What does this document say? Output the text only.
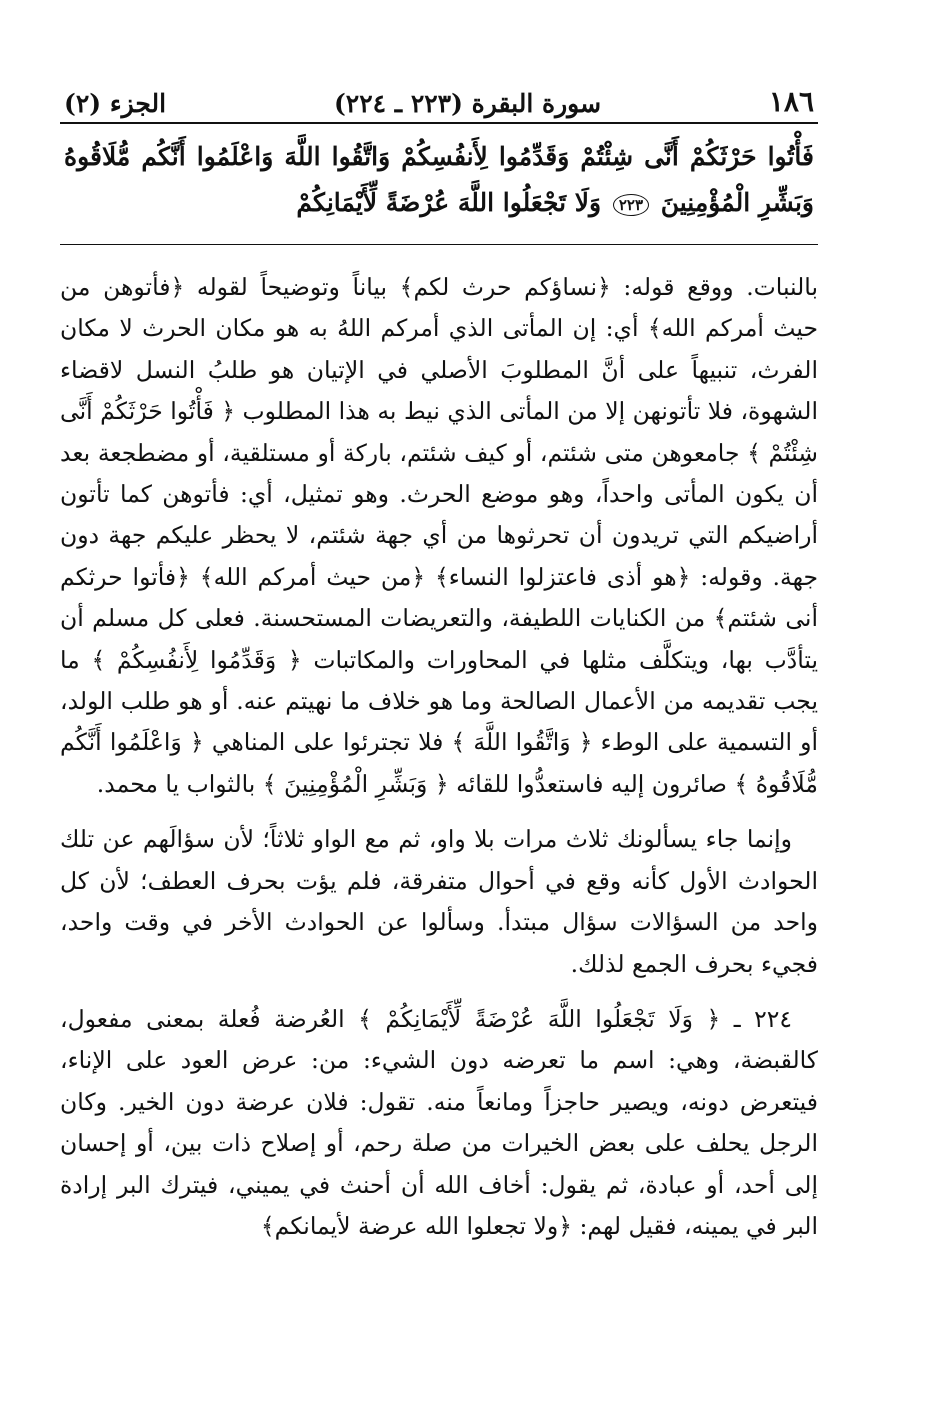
١٨٦
سورة البقرة (٢٢٣ ـ ٢٢٤)
الجزء (٢)
فَأْتُوا حَرْثَكُمْ أَنَّى شِئْتُمْ وَقَدِّمُوا لِأَنفُسِكُمْ وَاتَّقُوا اللَّهَ وَاعْلَمُوا أَنَّكُم مُّلَاقُوهُ وَبَشِّرِ الْمُؤْمِنِينَ ٢٢٣ وَلَا تَجْعَلُوا اللَّهَ عُرْضَةً لِّأَيْمَانِكُمْ

بالنبات. ووقع قوله: ﴿نساؤكم حرث لكم﴾ بياناً وتوضيحاً لقوله ﴿فأتوهن من حيث أمركم الله﴾ أي: إن المأتى الذي أمركم اللهُ به هو مكان الحرث لا مكان الفرث، تنبيهاً على أنَّ المطلوبَ الأصلي في الإتيان هو طلبُ النسل لاقضاء الشهوة، فلا تأتونهن إلا من المأتى الذي نيط به هذا المطلوب ﴿ فَأْتُوا حَرْثَكُمْ أَنَّى شِئْتُمْ ﴾ جامعوهن متى شئتم، أو كيف شئتم، باركة أو مستلقية، أو مضطجعة بعد أن يكون المأتى واحداً، وهو موضع الحرث. وهو تمثيل، أي: فأتوهن كما تأتون أراضيكم التي تريدون أن تحرثوها من أي جهة شئتم، لا يحظر عليكم جهة دون جهة. وقوله: ﴿هو أذى فاعتزلوا النساء﴾ ﴿من حيث أمركم الله﴾ ﴿فأتوا حرثكم أنى شئتم﴾ من الكنايات اللطيفة، والتعريضات المستحسنة. فعلى كل مسلم أن يتأدَّب بها، ويتكلَّف مثلها في المحاورات والمكاتبات ﴿ وَقَدِّمُوا لِأَنفُسِكُمْ ﴾ ما يجب تقديمه من الأعمال الصالحة وما هو خلاف ما نهيتم عنه. أو هو طلب الولد، أو التسمية على الوطء ﴿ وَاتَّقُوا اللَّهَ ﴾ فلا تجترئوا على المناهي ﴿ وَاعْلَمُوا أَنَّكُم مُّلَاقُوهُ ﴾ صائرون إليه فاستعدُّوا للقائه ﴿ وَبَشِّرِ الْمُؤْمِنِينَ ﴾ بالثواب يا محمد.

وإنما جاء يسألونك ثلاث مرات بلا واو، ثم مع الواو ثلاثاً؛ لأن سؤالَهم عن تلك الحوادث الأول كأنه وقع في أحوال متفرقة، فلم يؤت بحرف العطف؛ لأن كل واحد من السؤالات سؤال مبتدأ. وسألوا عن الحوادث الأخر في وقت واحد، فجيء بحرف الجمع لذلك.

٢٢٤ ـ ﴿ وَلَا تَجْعَلُوا اللَّهَ عُرْضَةً لِّأَيْمَانِكُمْ ﴾ العُرضة فُعلة بمعنى مفعول، كالقبضة، وهي: اسم ما تعرضه دون الشيء: من: عرض العود على الإناء، فيتعرض دونه، ويصير حاجزاً ومانعاً منه. تقول: فلان عرضة دون الخير. وكان الرجل يحلف على بعض الخيرات من صلة رحم، أو إصلاح ذات بين، أو إحسان إلى أحد، أو عبادة، ثم يقول: أخاف الله أن أحنث في يميني، فيترك البر إرادة البر في يمينه، فقيل لهم: ﴿ولا تجعلوا الله عرضة لأيمانكم﴾
